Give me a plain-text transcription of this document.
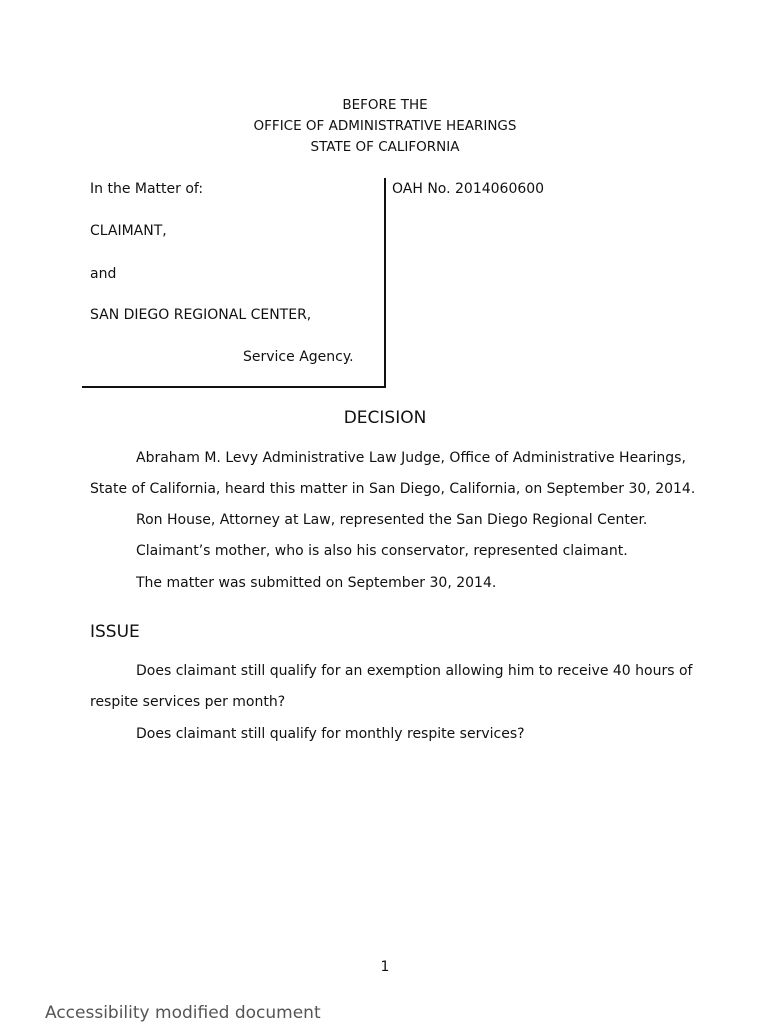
BEFORE THE
OFFICE OF ADMINISTRATIVE HEARINGS
STATE OF CALIFORNIA
In the Matter of:
CLAIMANT,
and
SAN DIEGO REGIONAL CENTER,
Service Agency.
OAH No. 2014060600
DECISION
Abraham M. Levy Administrative Law Judge, Office of Administrative Hearings,
State of California, heard this matter in San Diego, California, on September 30, 2014.
Ron House, Attorney at Law, represented the San Diego Regional Center.
Claimant’s mother, who is also his conservator, represented claimant.
The matter was submitted on September 30, 2014.
ISSUE
Does claimant still qualify for an exemption allowing him to receive 40 hours of
respite services per month?
Does claimant still qualify for monthly respite services?
1
Accessibility modified document
